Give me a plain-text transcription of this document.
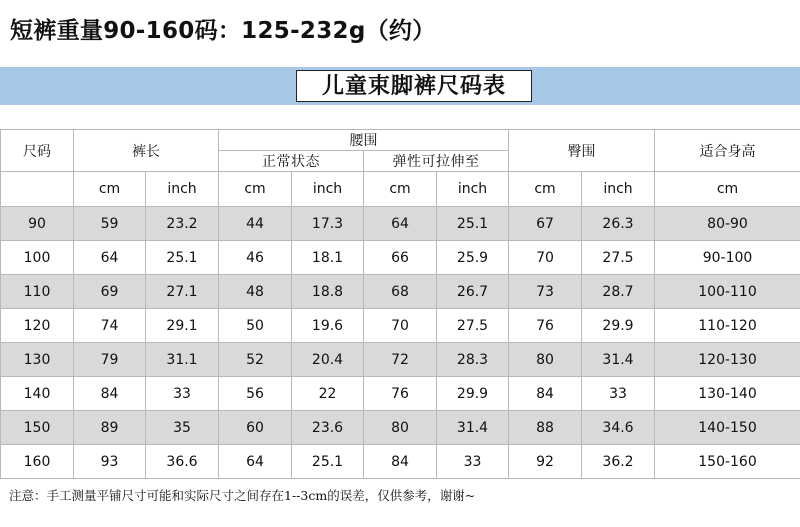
短裤重量90-160码：125-232g（约）
儿童束脚裤尺码表
尺码	裤长		腰围				臀围		适合身高
			正常状态		弹性可拉伸至				
	cm	inch	cm	inch	cm	inch	cm	inch	cm
90	59	23.2	44	17.3	64	25.1	67	26.3	80-90
100	64	25.1	46	18.1	66	25.9	70	27.5	90-100
110	69	27.1	48	18.8	68	26.7	73	28.7	100-110
120	74	29.1	50	19.6	70	27.5	76	29.9	110-120
130	79	31.1	52	20.4	72	28.3	80	31.4	120-130
140	84	33	56	22	76	29.9	84	33	130-140
150	89	35	60	23.6	80	31.4	88	34.6	140-150
160	93	36.6	64	25.1	84	33	92	36.2	150-160
注意：手工测量平铺尺寸可能和实际尺寸之间存在1--3cm的误差，仅供参考，谢谢~
